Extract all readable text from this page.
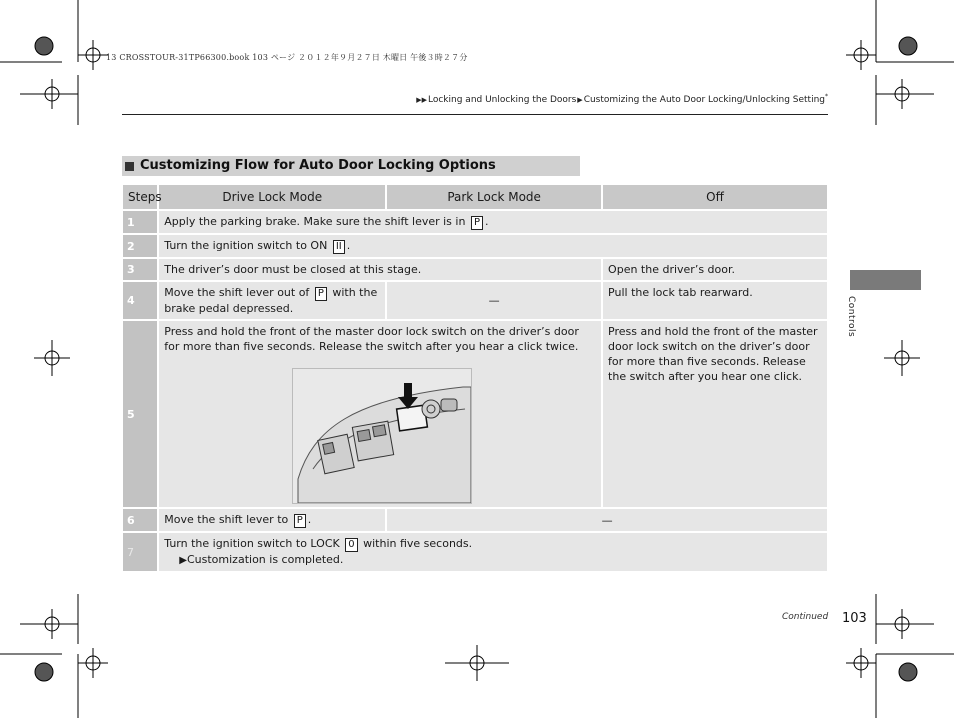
13 CROSSTOUR-31TP66300.book 103 ページ ２０１２年９月２７日 木曜日 午後３時２７分
▶▶Locking and Unlocking the Doors▶Customizing the Auto Door Locking/Unlocking Setting*
Customizing Flow for Auto Door Locking Options
Steps	Drive Lock Mode	Park Lock Mode	Off
1	Apply the parking brake. Make sure the shift lever is in P .		
2	Turn the ignition switch to ON II .		
3	The driver’s door must be closed at this stage.		Open the driver’s door.
4	Move the shift lever out of P with the brake pedal depressed.	—	Pull the lock tab rearward.
5	Press and hold the front of the master door lock switch on the driver’s door for more than five seconds. Release the switch after you hear a click twice.		Press and hold the front of the master door lock switch on the driver’s door for more than five seconds. Release the switch after you hear one click.
6	Move the shift lever to P .	—	
7	Turn the ignition switch to LOCK 0 within five seconds.
▶Customization is completed.		
Controls
Continued 103
